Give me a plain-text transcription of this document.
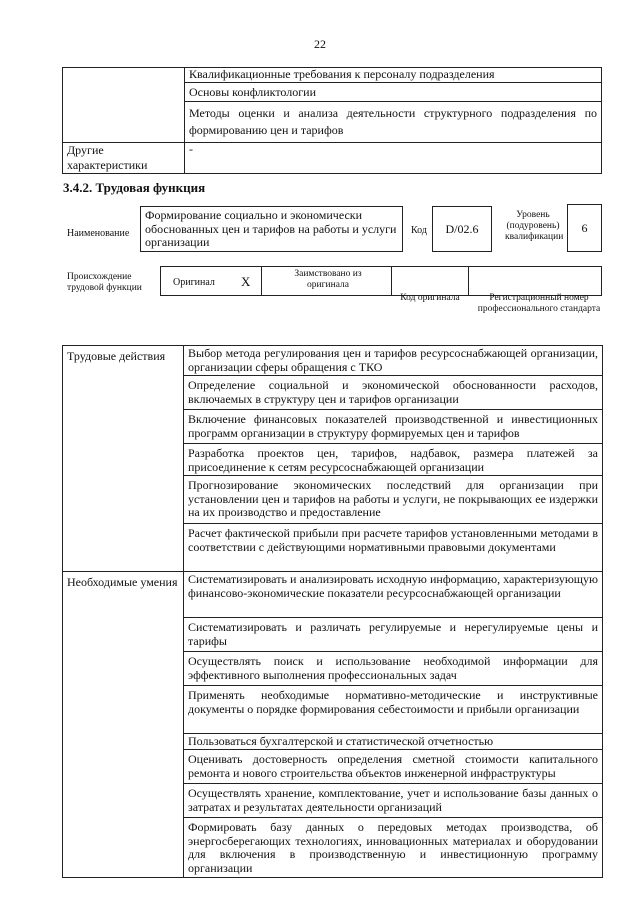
22
	Квалификационные требования к персоналу подразделения
	Основы конфликтологии
	Методы оценки и анализа деятельности структурного подразделения по формированию цен и тарифов
Другие характеристики	-
3.4.2. Трудовая функция
Наименование
Формирование социально и экономически обоснованных цен и тарифов на работы и услуги организации
Код	D/02.6
Уровень (подуровень) квалификации
6
Происхождение трудовой функции	Оригинал X	Заимствовано из оригинала
Код оригинала	Регистрационный номер профессионального стандарта
Трудовые действия	Выбор метода регулирования цен и тарифов ресурсоснабжающей организации, организации сферы обращения с ТКО
	Определение социальной и экономической обоснованности расходов, включаемых в структуру цен и тарифов организации
	Включение финансовых показателей производственной и инвестиционных программ организации в структуру формируемых цен и тарифов
	Разработка проектов цен, тарифов, надбавок, размера платежей за присоединение к сетям ресурсоснабжающей организации
	Прогнозирование экономических последствий для организации при установлении цен и тарифов на работы и услуги, не покрывающих ее издержки на их производство и предоставление
	Расчет фактической прибыли при расчете тарифов установленными методами в соответствии с действующими нормативными правовыми документами
Необходимые умения	Систематизировать и анализировать исходную информацию, характеризующую финансово-экономические показатели ресурсоснабжающей организации
	Систематизировать и различать регулируемые и нерегулируемые цены и тарифы
	Осуществлять поиск и использование необходимой информации для эффективного выполнения профессиональных задач
	Применять необходимые нормативно-методические и инструктивные документы о порядке формирования себестоимости и прибыли организации
	Пользоваться бухгалтерской и статистической отчетностью
	Оценивать достоверность определения сметной стоимости капитального ремонта и нового строительства объектов инженерной инфраструктуры
	Осуществлять хранение, комплектование, учет и использование базы данных о затратах и результатах деятельности организаций
	Формировать базу данных о передовых методах производства, об энергосберегающих технологиях, инновационных материалах и оборудовании для включения в производственную и инвестиционную программу организации
